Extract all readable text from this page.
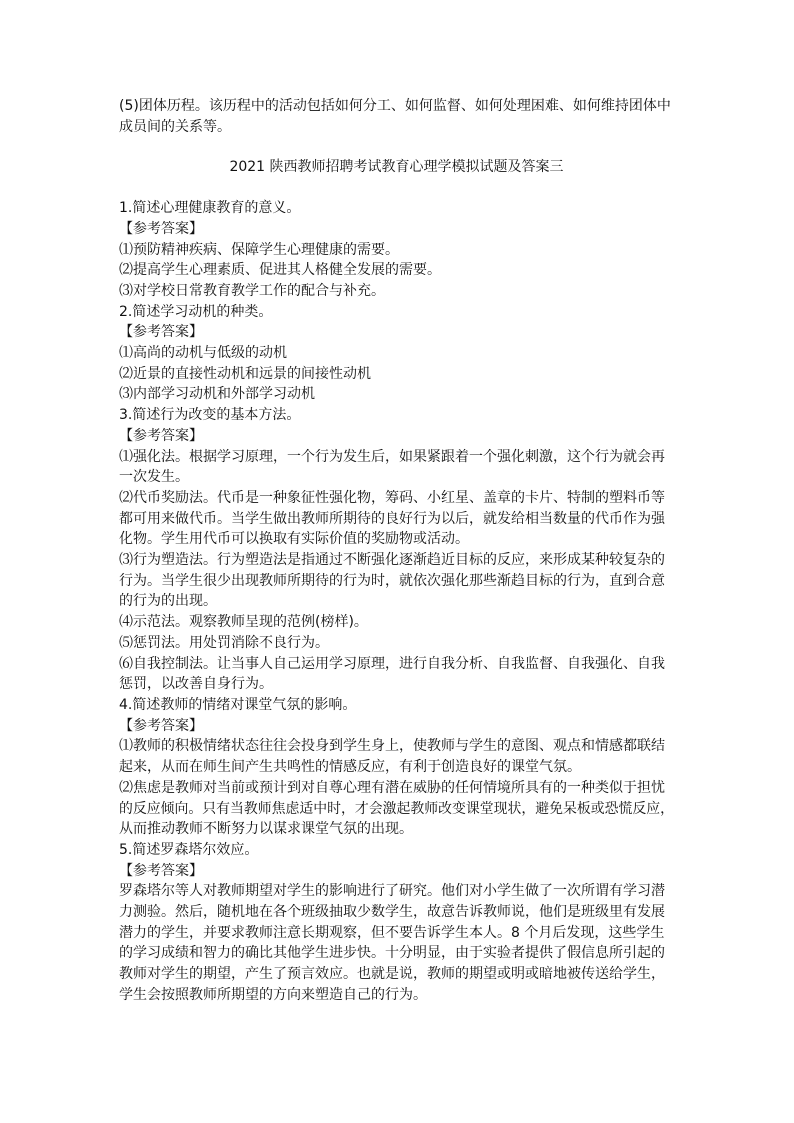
(5)团体历程。该历程中的活动包括如何分工、如何监督、如何处理困难、如何维持团体中

成员间的关系等。

2021 陕西教师招聘考试教育心理学模拟试题及答案三

1.简述心理健康教育的意义。

【参考答案】

⑴预防精神疾病、保障学生心理健康的需要。

⑵提高学生心理素质、促进其人格健全发展的需要。

⑶对学校日常教育教学工作的配合与补充。

2.简述学习动机的种类。

【参考答案】

⑴高尚的动机与低级的动机

⑵近景的直接性动机和远景的间接性动机

⑶内部学习动机和外部学习动机

3.简述行为改变的基本方法。

【参考答案】

⑴强化法。根据学习原理，一个行为发生后，如果紧跟着一个强化刺激，这个行为就会再

一次发生。

⑵代币奖励法。代币是一种象征性强化物，筹码、小红星、盖章的卡片、特制的塑料币等

都可用来做代币。当学生做出教师所期待的良好行为以后，就发给相当数量的代币作为强

化物。学生用代币可以换取有实际价值的奖励物或活动。

⑶行为塑造法。行为塑造法是指通过不断强化逐渐趋近目标的反应，来形成某种较复杂的

行为。当学生很少出现教师所期待的行为时，就依次强化那些渐趋目标的行为，直到合意

的行为的出现。

⑷示范法。观察教师呈现的范例(榜样)。

⑸惩罚法。用处罚消除不良行为。

⑹自我控制法。让当事人自己运用学习原理，进行自我分析、自我监督、自我强化、自我

惩罚，以改善自身行为。

4.简述教师的情绪对课堂气氛的影响。

【参考答案】

⑴教师的积极情绪状态往往会投身到学生身上，使教师与学生的意图、观点和情感都联结

起来，从而在师生间产生共鸣性的情感反应，有利于创造良好的课堂气氛。

⑵焦虑是教师对当前或预计到对自尊心理有潜在威胁的任何情境所具有的一种类似于担忧

的反应倾向。只有当教师焦虑适中时，才会激起教师改变课堂现状，避免呆板或恐慌反应，

从而推动教师不断努力以谋求课堂气氛的出现。

5.简述罗森塔尔效应。

【参考答案】

罗森塔尔等人对教师期望对学生的影响进行了研究。他们对小学生做了一次所谓有学习潜

力测验。然后，随机地在各个班级抽取少数学生，故意告诉教师说，他们是班级里有发展

潜力的学生，并要求教师注意长期观察，但不要告诉学生本人。8 个月后发现，这些学生

的学习成绩和智力的确比其他学生进步快。十分明显，由于实验者提供了假信息所引起的

教师对学生的期望，产生了预言效应。也就是说，教师的期望或明或暗地被传送给学生，

学生会按照教师所期望的方向来塑造自己的行为。
